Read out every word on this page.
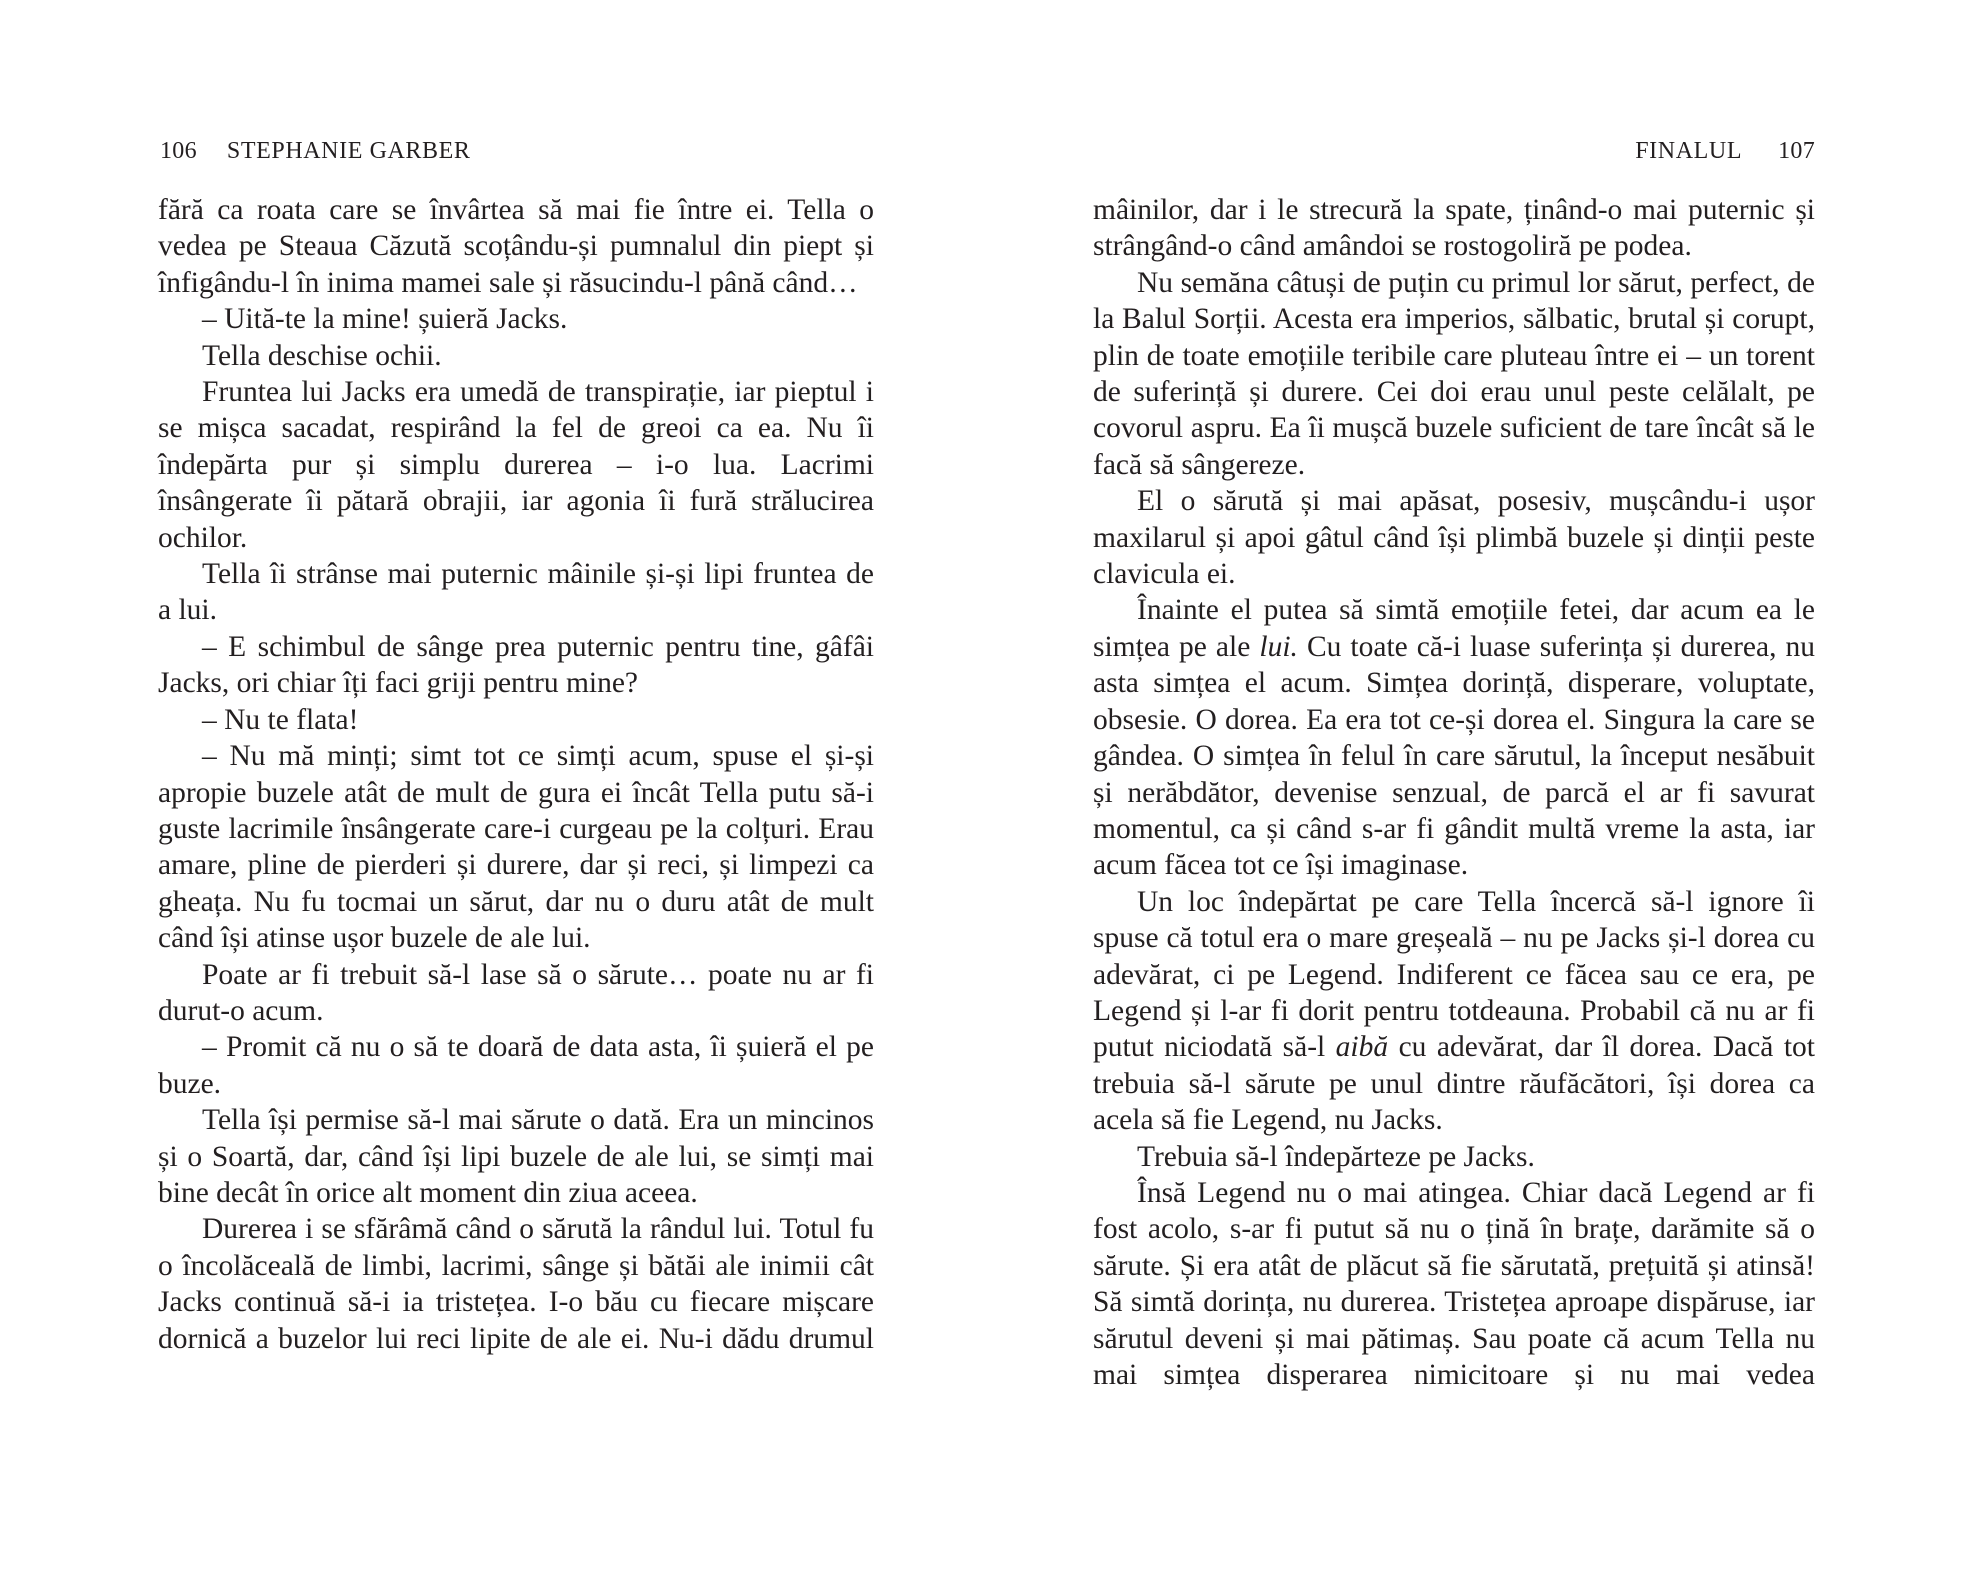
106 STEPHANIE GARBER

fără ca roata care se învârtea să mai fie între ei. Tella o vedea pe Steaua Căzută scoțându-și pumnalul din piept și înfigându-l în inima mamei sale și răsucindu-l până când…

– Uită-te la mine! șuieră Jacks.

Tella deschise ochii.

Fruntea lui Jacks era umedă de transpirație, iar pieptul i se mișca sacadat, respirând la fel de greoi ca ea. Nu îi îndepărta pur și simplu durerea – i-o lua. Lacrimi însângerate îi pătară obrajii, iar agonia îi fură strălucirea ochilor.

Tella îi strânse mai puternic mâinile și-și lipi fruntea de a lui.

– E schimbul de sânge prea puternic pentru tine, gâfâi Jacks, ori chiar îți faci griji pentru mine?

– Nu te flata!

– Nu mă minți; simt tot ce simți acum, spuse el și-și apropie buzele atât de mult de gura ei încât Tella putu să-i guste lacrimile însângerate care-i curgeau pe la colțuri. Erau amare, pline de pierderi și durere, dar și reci, și limpezi ca gheața. Nu fu tocmai un sărut, dar nu o duru atât de mult când își atinse ușor buzele de ale lui.

Poate ar fi trebuit să-l lase să o sărute… poate nu ar fi durut-o acum.

– Promit că nu o să te doară de data asta, îi șuieră el pe buze.

Tella își permise să-l mai sărute o dată. Era un mincinos și o Soartă, dar, când își lipi buzele de ale lui, se simți mai bine decât în orice alt moment din ziua aceea.

Durerea i se sfărâmă când o sărută la rândul lui. Totul fu o încolăceală de limbi, lacrimi, sânge și bătăi ale inimii cât Jacks continuă să-i ia tristețea. I-o bău cu fiecare mișcare dornică a buzelor lui reci lipite de ale ei. Nu-i dădu drumul

FINALUL 107

mâinilor, dar i le strecură la spate, ținând-o mai puternic și strângând-o când amândoi se rostogoliră pe podea.

Nu semăna câtuși de puțin cu primul lor sărut, perfect, de la Balul Sorții. Acesta era imperios, sălbatic, brutal și corupt, plin de toate emoțiile teribile care pluteau între ei – un torent de suferință și durere. Cei doi erau unul peste celălalt, pe covorul aspru. Ea îi mușcă buzele suficient de tare încât să le facă să sângereze.

El o sărută și mai apăsat, posesiv, mușcându-i ușor maxilarul și apoi gâtul când își plimbă buzele și dinții peste clavicula ei.

Înainte el putea să simtă emoțiile fetei, dar acum ea le simțea pe ale lui. Cu toate că-i luase suferința și durerea, nu asta simțea el acum. Simțea dorință, disperare, voluptate, obsesie. O dorea. Ea era tot ce-și dorea el. Singura la care se gândea. O simțea în felul în care sărutul, la început nesăbuit și nerăbdător, devenise senzual, de parcă el ar fi savurat momentul, ca și când s-ar fi gândit multă vreme la asta, iar acum făcea tot ce își imaginase.

Un loc îndepărtat pe care Tella încercă să-l ignore îi spuse că totul era o mare greșeală – nu pe Jacks și-l dorea cu adevărat, ci pe Legend. Indiferent ce făcea sau ce era, pe Legend și l-ar fi dorit pentru totdeauna. Probabil că nu ar fi putut niciodată să-l aibă cu adevărat, dar îl dorea. Dacă tot trebuia să-l sărute pe unul dintre răufăcători, își dorea ca acela să fie Legend, nu Jacks.

Trebuia să-l îndepărteze pe Jacks.

Însă Legend nu o mai atingea. Chiar dacă Legend ar fi fost acolo, s-ar fi putut să nu o țină în brațe, darămite să o sărute. Și era atât de plăcut să fie sărutată, prețuită și atinsă! Să simtă dorința, nu durerea. Tristețea aproape dispăruse, iar sărutul deveni și mai pătimaș. Sau poate că acum Tella nu mai simțea disperarea nimicitoare și nu mai vedea
